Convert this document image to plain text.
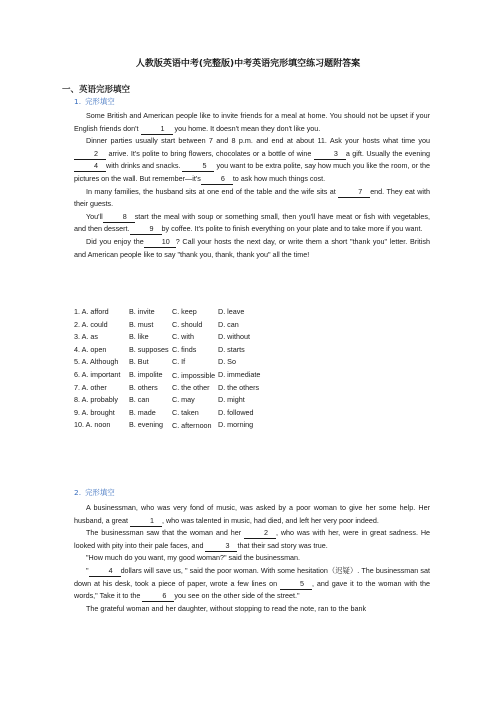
人教版英语中考(完整版)中考英语完形填空练习题附答案
一、英语完形填空
1. 完形填空

Some British and American people like to invite friends for a meal at home. You should not be upset if your English friends don't	1 you home. It doesn't mean they don't like you.

Dinner parties usually start between 7 and 8 p.m. and end at about 11. Ask your hosts what time you 2 arrive. It's polite to bring flowers, chocolates or a bottle of wine	3 a gift. Usually the evening 4 with drinks and snacks.	5 you want to be extra polite, say how much you like the room, or the pictures on the wall. But remember—it's	6 to ask how much things cost.

In many families, the husband sits at one end of the table and the wife sits at	7 end. They eat with their guests.

You'll	8 start the meal with soup or something small, then you'll have meat or fish with vegetables, and then dessert.	9 by coffee. It's polite to finish everything on your plate and to take more if you want.

Did you enjoy the	10 ? Call your hosts the next day, or write them a short "thank you" letter. British and American people like to say "thank you, thank, thank you" all the time!

1. A. afford	B. invite	C. keep	D. leave
2. A. could	B. must	C. should	D. can
3. A. as	B. like	C. with	D. without
4. A. open	B. supposes	C. finds	D. starts
5. A. Although	B. But	C. If	D. So
6. A. important	B. impolite	C. impossible	D. immediate
7. A. other	B. others	C. the other	D. the others
8. A. probably	B. can	C. may	D. might
9. A. brought	B. made	C. taken	D. followed
10. A. noon	B. evening	C. afternoon	D. morning
2. 完形填空

A businessman, who was very fond of music, was asked by a poor woman to give her some help. Her husband, a great	1 , who was talented in music, had died, and left her very poor indeed.

The businessman saw that the woman and her	2 , who was with her, were in great sadness. He looked with pity into their pale faces, and	3 that their sad story was true.

"How much do you want, my good woman?" said the businessman.

"	4 dollars will save us, " said the poor woman. With some hesitation（迟疑）. The businessman sat down at his desk, took a piece of paper, wrote a few lines on	5 , and gave it to the woman with the words," Take it to the	6 you see on the other side of the street."

The grateful woman and her daughter, without stopping to read the note, ran to the bank
